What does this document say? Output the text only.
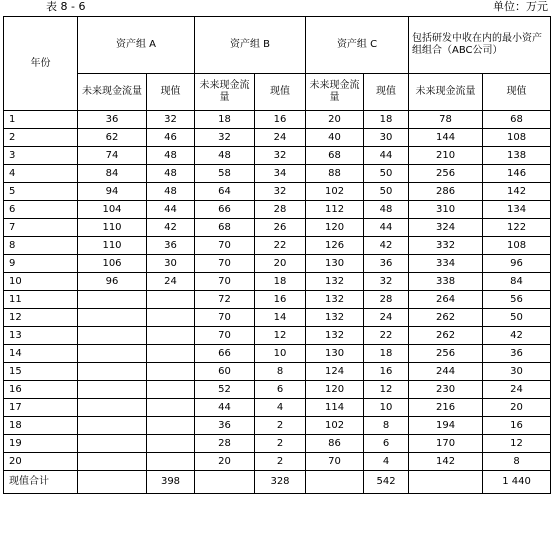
表 8 - 6	单位：万元
年份	资产组 A		资产组 B		资产组 C		包括研发中收在内的最小资产组组合（ABC公司）	
	未来现金流量	现值	未来现金流量	现值	未来现金流量	现值	未来现金流量	现值
1	36	32	18	16	20	18	78	68
2	62	46	32	24	40	30	144	108
3	74	48	48	32	68	44	210	138
4	84	48	58	34	88	50	256	146
5	94	48	64	32	102	50	286	142
6	104	44	66	28	112	48	310	134
7	110	42	68	26	120	44	324	122
8	110	36	70	22	126	42	332	108
9	106	30	70	20	130	36	334	96
10	96	24	70	18	132	32	338	84
11			72	16	132	28	264	56
12			70	14	132	24	262	50
13			70	12	132	22	262	42
14			66	10	130	18	256	36
15			60	8	124	16	244	30
16			52	6	120	12	230	24
17			44	4	114	10	216	20
18			36	2	102	8	194	16
19			28	2	86	6	170	12
20			20	2	70	4	142	8
现值合计		398		328		542		1 440
